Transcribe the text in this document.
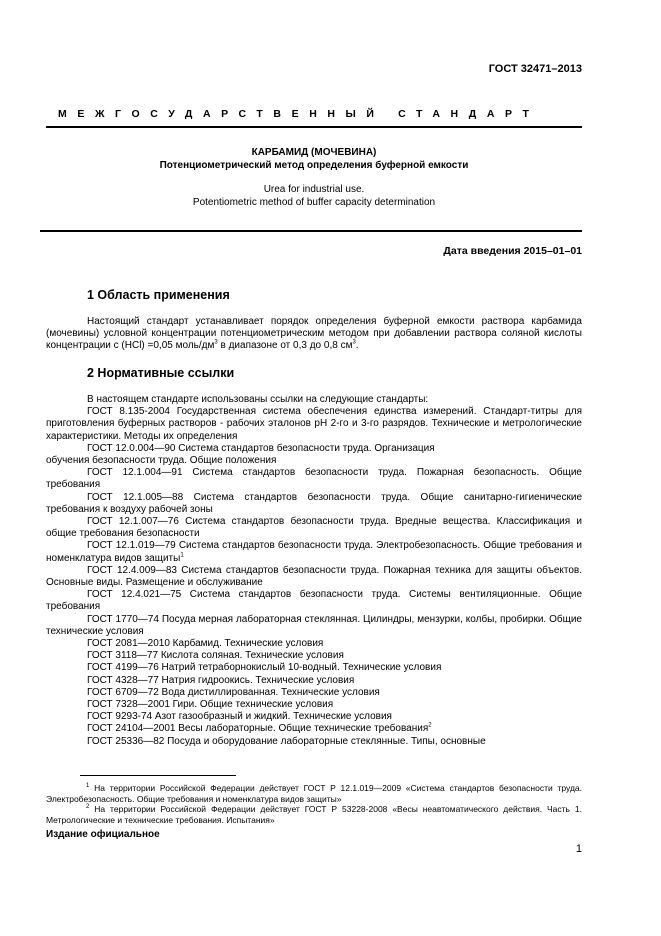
ГОСТ 32471–2013
МЕЖГОСУДАРСТВЕННЫЙ СТАНДАРТ
КАРБАМИД (МОЧЕВИНА)
Потенциометрический метод определения буферной емкости
Urea for industrial use.
Potentiometric method of buffer capacity determination
Дата введения 2015–01–01
1 Область применения

Настоящий стандарт устанавливает порядок определения буферной емкости раствора карбамида (мочевины) условной концентрации потенциометрическим методом при добавлении раствора соляной кислоты концентрации с (HCl) =0,05 моль/$дм^3$ в диапазоне от 0,3 до 0,8 $см^3$.

2 Нормативные ссылки

В настоящем стандарте использованы ссылки на следующие стандарты:

ГОСТ 8.135-2004 Государственная система обеспечения единства измерений. Стандарт-титры для приготовления буферных растворов - рабочих эталонов pH 2-го и 3-го разрядов. Технические и метрологические характеристики. Методы их определения

ГОСТ 12.0.004—90 Система стандартов безопасности труда. Организация

обучения безопасности труда. Общие положения

ГОСТ 12.1.004—91 Система стандартов безопасности труда. Пожарная безопасность. Общие требования

ГОСТ 12.1.005—88 Система стандартов безопасности труда. Общие санитарно-гигиенические требования к воздуху рабочей зоны

ГОСТ 12.1.007—76 Система стандартов безопасности труда. Вредные вещества. Классификация и общие требования безопасности

ГОСТ 12.1.019—79 Система стандартов безопасности труда. Электробезопасность. Общие требования и номенклатура видов защиты$^1$

ГОСТ 12.4.009—83 Система стандартов безопасности труда. Пожарная техника для защиты объектов. Основные виды. Размещение и обслуживание

ГОСТ 12.4.021—75 Система стандартов безопасности труда. Системы вентиляционные. Общие требования

ГОСТ 1770—74 Посуда мерная лабораторная стеклянная. Цилиндры, мензурки, колбы, пробирки. Общие технические условия

ГОСТ 2081—2010 Карбамид. Технические условия

ГОСТ 3118—77 Кислота соляная. Технические условия

ГОСТ 4199—76 Натрий тетраборнокислый 10-водный. Технические условия

ГОСТ 4328—77 Натрия гидроокись. Технические условия

ГОСТ 6709—72 Вода дистиллированная. Технические условия

ГОСТ 7328—2001 Гири. Общие технические условия

ГОСТ 9293-74 Азот газообразный и жидкий. Технические условия

ГОСТ 24104—2001 Весы лабораторные. Общие технические требования$^2$

ГОСТ 25336—82 Посуда и оборудование лабораторные стеклянные. Типы, основные

$^1$ На территории Российской Федерации действует ГОСТ Р 12.1.019—2009 «Система стандартов безопасности труда. Электробезопасность. Общие требования и номенклатура видов защиты»

$^2$ На территории Российской Федерации действует ГОСТ Р 53228-2008 «Весы неавтоматического действия. Часть 1. Метрологические и технические требования. Испытания»

Издание официальное
1
